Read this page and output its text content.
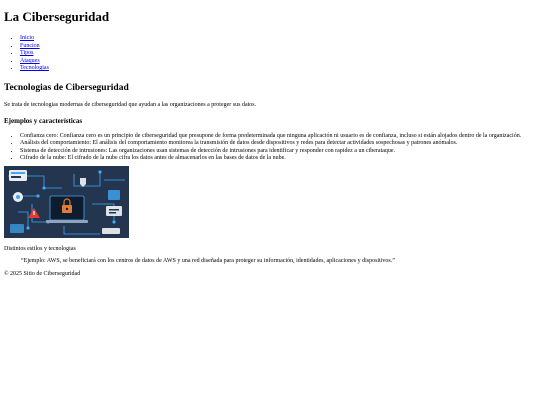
La Ciberseguridad
• Inicio
• Funcion
• Tipos
• Ataques
• Tecnologias
Tecnologias de Ciberseguridad

Se trata de tecnologias modernas de ciberseguridad que ayudan a las organizaciones a proteger sus datos.

Ejemplos y características
• Confianza cero: Confianza cero es un principio de ciberseguridad que presupone de forma predeterminada que ninguna aplicación ni usuario es de confianza, incluso si están alojados dentro de la organización.
• Análisis del comportamiento: El análisis del comportamiento monitorea la transmisión de datos desde dispositivos y redes para detectar actividades sospechosas y patrones anómalos.
• Sistema de detección de intrusiones: Las organizaciones usan sistemas de detección de intrusiones para identificar y responder con rapidez a un ciberataque.
• Cifrado de la nube: El cifrado de la nube cifra los datos antes de almacenarlos en las bases de datos de la nube.

Distintos estilos y tecnologias

“Ejemplo: AWS, se beneficiará con los centros de datos de AWS y una red diseñada para proteger su información, identidades, aplicaciones y dispositivos.”
© 2025 Sitio de Ciberseguridad
